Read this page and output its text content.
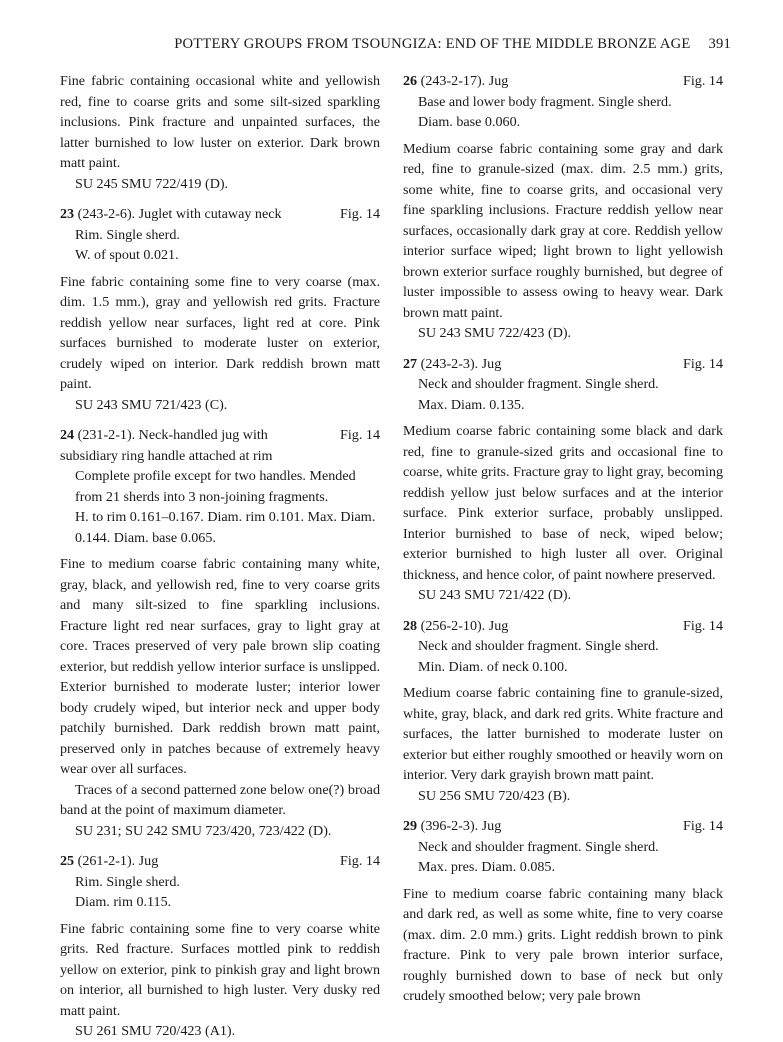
POTTERY GROUPS FROM TSOUNGIZA: END OF THE MIDDLE BRONZE AGE 391

Fine fabric containing occasional white and yellowish red, fine to coarse grits and some silt-sized sparkling inclusions. Pink fracture and unpainted surfaces, the latter burnished to low luster on exterior. Dark brown matt paint.

SU 245 SMU 722/419 (D).

23 (243-2-6). Juglet with cutaway neck	Fig. 14

Rim. Single sherd.

W. of spout 0.021.

Fine fabric containing some fine to very coarse (max. dim. 1.5 mm.), gray and yellowish red grits. Fracture reddish yellow near surfaces, light red at core. Pink surfaces burnished to moderate luster on exterior, crudely wiped on interior. Dark reddish brown matt paint.

SU 243 SMU 721/423 (C).

24 (231-2-1). Neck-handled jug with subsidiary ring handle attached at rim
Fig. 14

Complete profile except for two handles. Mended from 21 sherds into 3 non-joining fragments.

H. to rim 0.161–0.167. Diam. rim 0.101. Max. Diam. 0.144. Diam. base 0.065.

Fine to medium coarse fabric containing many white, gray, black, and yellowish red, fine to very coarse grits and many silt-sized to fine sparkling inclusions. Fracture light red near surfaces, gray to light gray at core. Traces preserved of very pale brown slip coating exterior, but reddish yellow interior surface is unslipped. Exterior burnished to moderate luster; interior lower body crudely wiped, but interior neck and upper body patchily burnished. Dark reddish brown matt paint, preserved only in patches because of extremely heavy wear over all surfaces.

Traces of a second patterned zone below one(?) broad band at the point of maximum diameter.

SU 231; SU 242 SMU 723/420, 723/422 (D).

25 (261-2-1). Jug	Fig. 14

Rim. Single sherd.

Diam. rim 0.115.

Fine fabric containing some fine to very coarse white grits. Red fracture. Surfaces mottled pink to reddish yellow on exterior, pink to pinkish gray and light brown on interior, all burnished to high luster. Very dusky red matt paint.

SU 261 SMU 720/423 (A1).

26 (243-2-17). Jug	Fig. 14

Base and lower body fragment. Single sherd.

Diam. base 0.060.

Medium coarse fabric containing some gray and dark red, fine to granule-sized (max. dim. 2.5 mm.) grits, some white, fine to coarse grits, and occasional very fine sparkling inclusions. Fracture reddish yellow near surfaces, occasionally dark gray at core. Reddish yellow interior surface wiped; light brown to light yellowish brown exterior surface roughly burnished, but degree of luster impossible to assess owing to heavy wear. Dark brown matt paint.

SU 243 SMU 722/423 (D).

27 (243-2-3). Jug	Fig. 14

Neck and shoulder fragment. Single sherd.

Max. Diam. 0.135.

Medium coarse fabric containing some black and dark red, fine to granule-sized grits and occasional fine to coarse, white grits. Fracture gray to light gray, becoming reddish yellow just below surfaces and at the interior surface. Pink exterior surface, probably unslipped. Interior burnished to base of neck, wiped below; exterior burnished to high luster all over. Original thickness, and hence color, of paint nowhere preserved.

SU 243 SMU 721/422 (D).

28 (256-2-10). Jug	Fig. 14

Neck and shoulder fragment. Single sherd.

Min. Diam. of neck 0.100.

Medium coarse fabric containing fine to granule-sized, white, gray, black, and dark red grits. White fracture and surfaces, the latter burnished to moderate luster on exterior but either roughly smoothed or heavily worn on interior. Very dark grayish brown matt paint.

SU 256 SMU 720/423 (B).

29 (396-2-3). Jug	Fig. 14

Neck and shoulder fragment. Single sherd.

Max. pres. Diam. 0.085.

Fine to medium coarse fabric containing many black and dark red, as well as some white, fine to very coarse (max. dim. 2.0 mm.) grits. Light reddish brown to pink fracture. Pink to very pale brown interior surface, roughly burnished down to base of neck but only crudely smoothed below; very pale brown
